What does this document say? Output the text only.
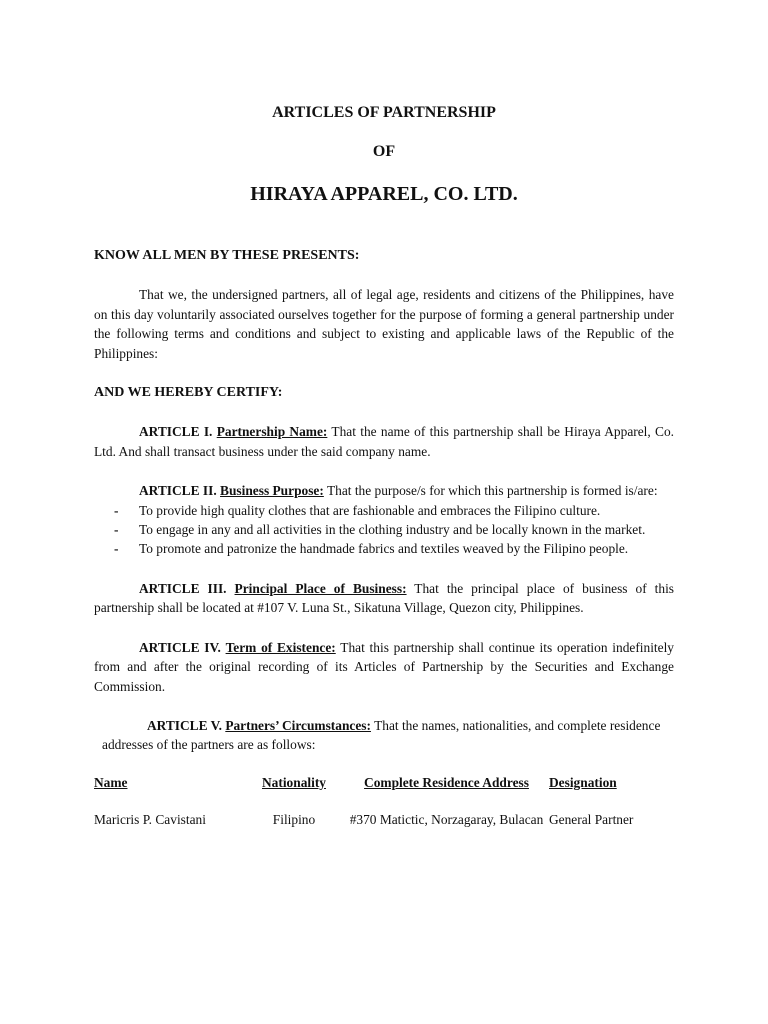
ARTICLES OF PARTNERSHIP
OF
HIRAYA APPAREL, CO. LTD.

KNOW ALL MEN BY THESE PRESENTS:

That we, the undersigned partners, all of legal age, residents and citizens of the Philippines, have on this day voluntarily associated ourselves together for the purpose of forming a general partnership under the following terms and conditions and subject to existing and applicable laws of the Republic of the Philippines:

AND WE HEREBY CERTIFY:

ARTICLE I. Partnership Name: That the name of this partnership shall be Hiraya Apparel, Co. Ltd. And shall transact business under the said company name.

ARTICLE II. Business Purpose: That the purpose/s for which this partnership is formed is/are:

- To provide high quality clothes that are fashionable and embraces the Filipino culture.
- To engage in any and all activities in the clothing industry and be locally known in the market.
- To promote and patronize the handmade fabrics and textiles weaved by the Filipino people.

ARTICLE III. Principal Place of Business: That the principal place of business of this partnership shall be located at #107 V. Luna St., Sikatuna Village, Quezon city, Philippines.

ARTICLE IV. Term of Existence: That this partnership shall continue its operation indefinitely from and after the original recording of its Articles of Partnership by the Securities and Exchange Commission.

ARTICLE V. Partners’ Circumstances: That the names, nationalities, and complete residence addresses of the partners are as follows:

Name	Nationality	Complete Residence Address	Designation

Maricris P. Cavistani	Filipino	#370 Matictic, Norzagaray, Bulacan	General Partner
